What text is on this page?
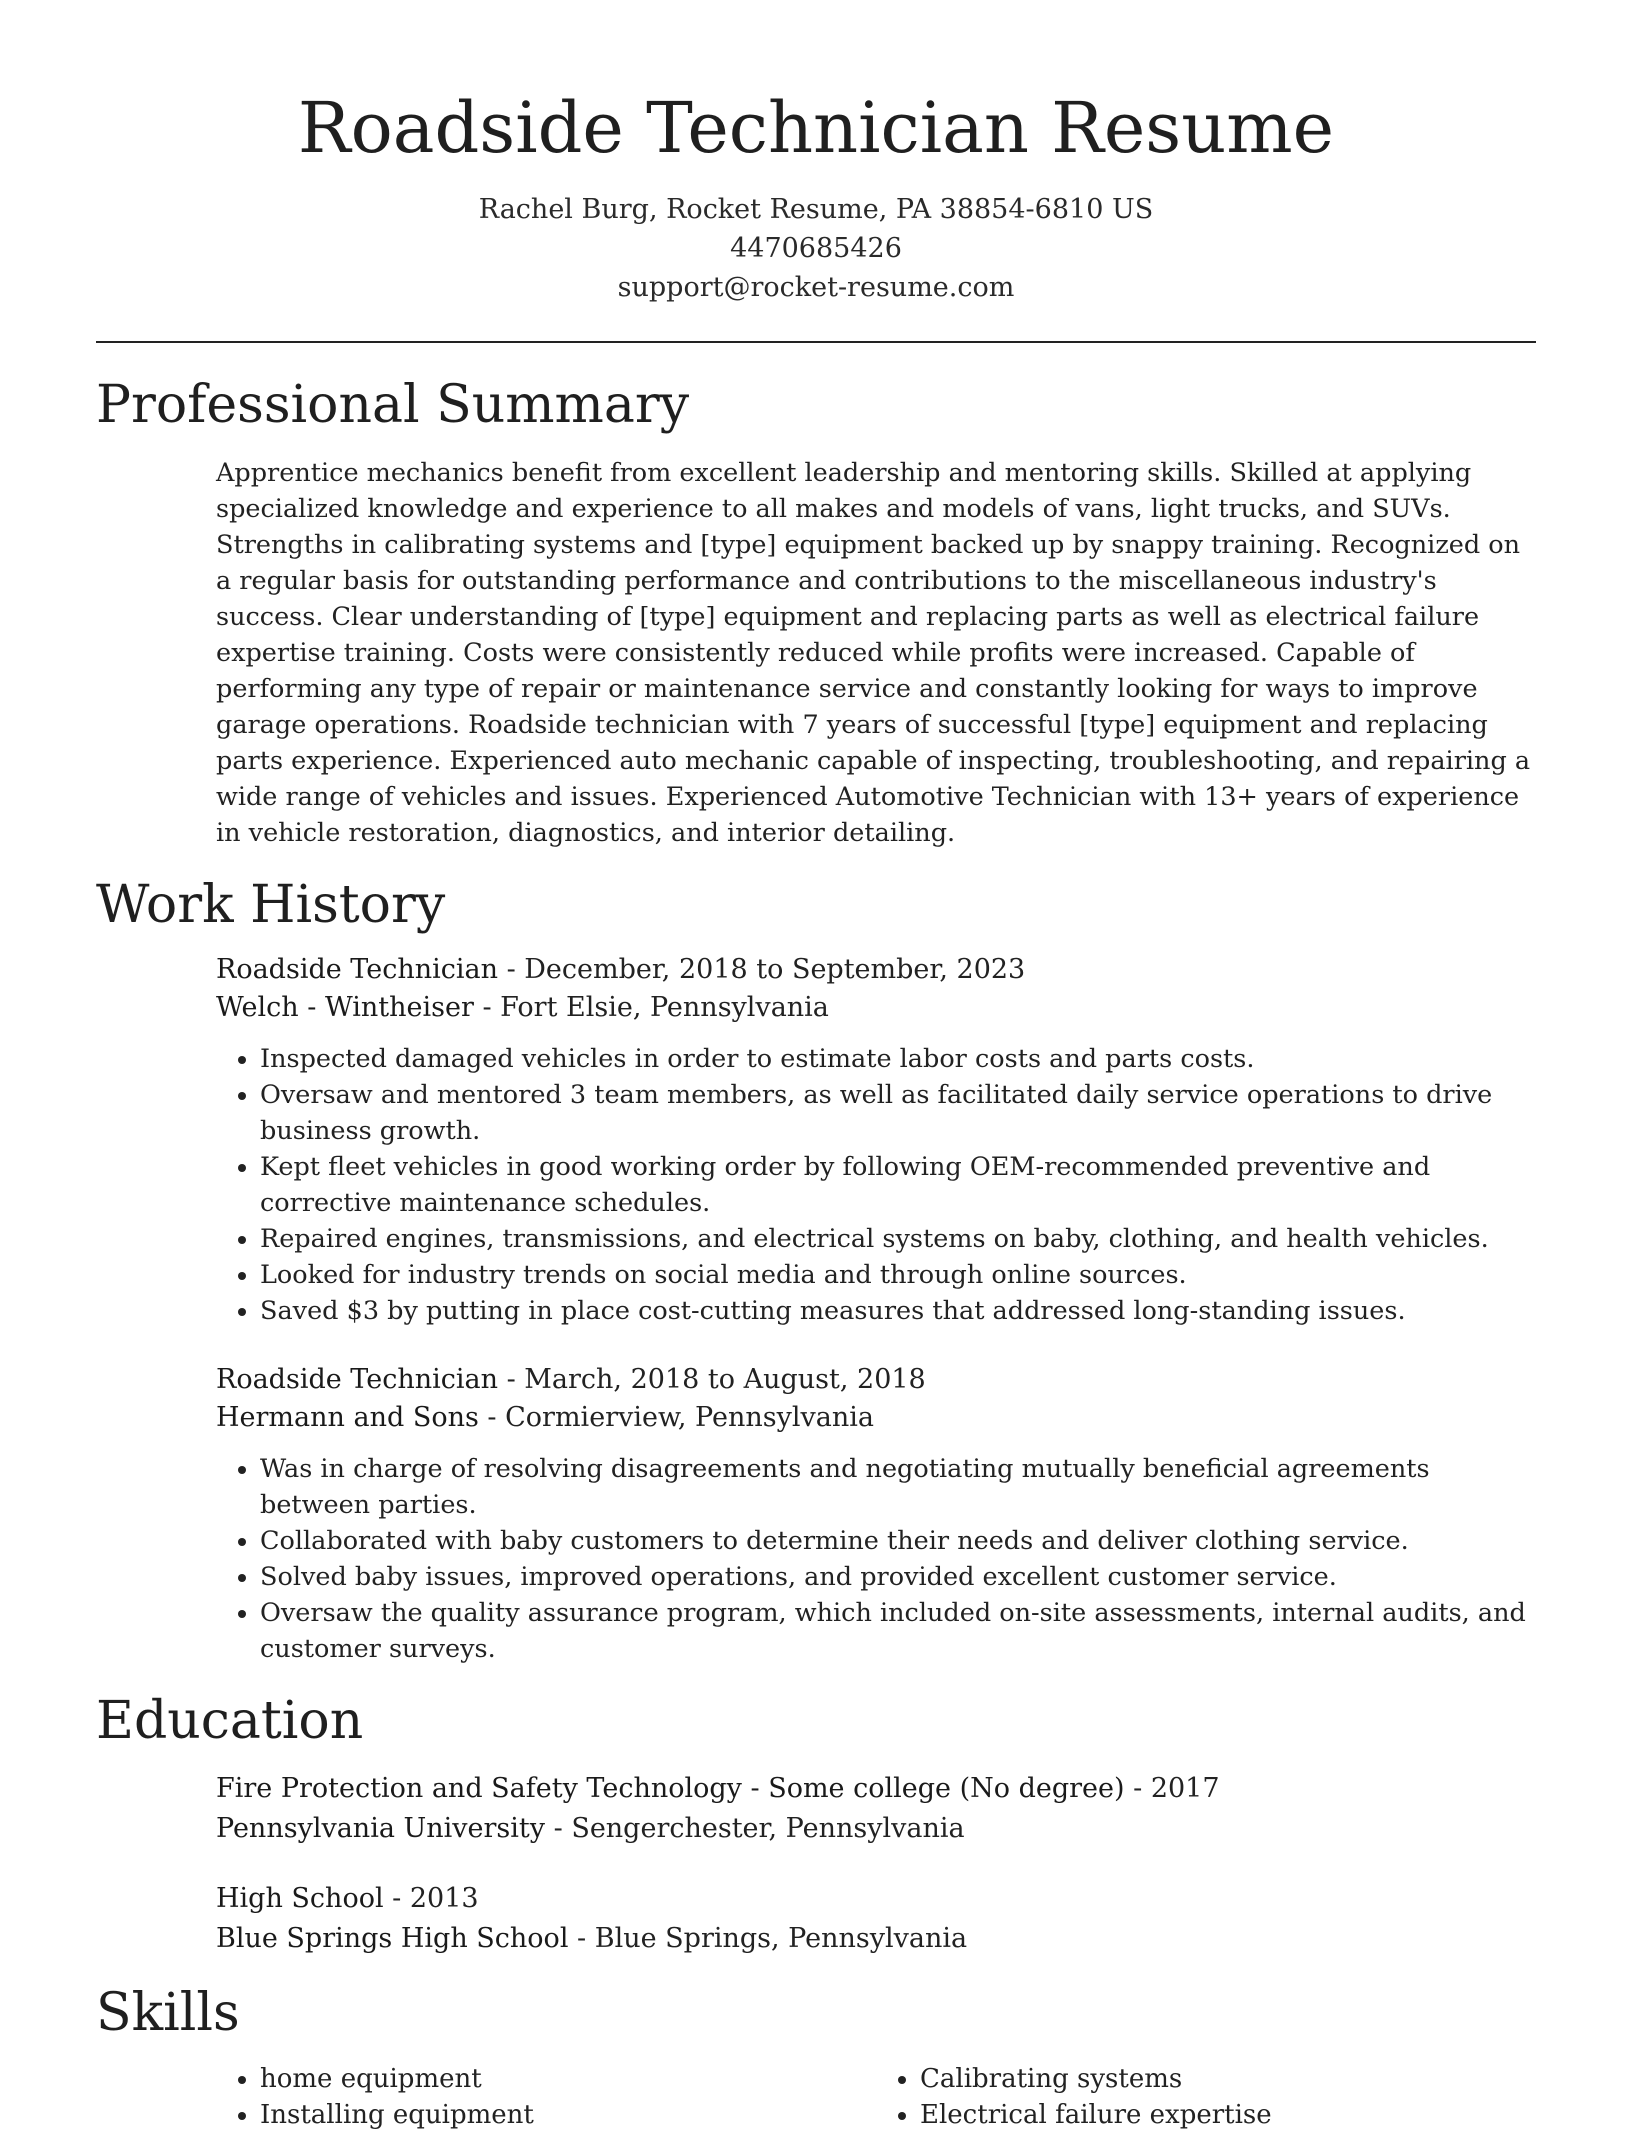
Roadside Technician Resume
Rachel Burg, Rocket Resume, PA 38854-6810 US
4470685426
support@rocket-resume.com
Professional Summary

Apprentice mechanics benefit from excellent leadership and mentoring skills. Skilled at applying specialized knowledge and experience to all makes and models of vans, light trucks, and SUVs. Strengths in calibrating systems and [type] equipment backed up by snappy training. Recognized on a regular basis for outstanding performance and contributions to the miscellaneous industry's success. Clear understanding of [type] equipment and replacing parts as well as electrical failure expertise training. Costs were consistently reduced while profits were increased. Capable of performing any type of repair or maintenance service and constantly looking for ways to improve garage operations. Roadside technician with 7 years of successful [type] equipment and replacing parts experience. Experienced auto mechanic capable of inspecting, troubleshooting, and repairing a wide range of vehicles and issues. Experienced Automotive Technician with 13+ years of experience in vehicle restoration, diagnostics, and interior detailing.

Work History
Roadside Technician - December, 2018 to September, 2023
Welch - Wintheiser - Fort Elsie, Pennsylvania
• Inspected damaged vehicles in order to estimate labor costs and parts costs.
• Oversaw and mentored 3 team members, as well as facilitated daily service operations to drive business growth.
• Kept fleet vehicles in good working order by following OEM-recommended preventive and corrective maintenance schedules.
• Repaired engines, transmissions, and electrical systems on baby, clothing, and health vehicles.
• Looked for industry trends on social media and through online sources.
• Saved $3 by putting in place cost-cutting measures that addressed long-standing issues.
Roadside Technician - March, 2018 to August, 2018
Hermann and Sons - Cormierview, Pennsylvania
• Was in charge of resolving disagreements and negotiating mutually beneficial agreements between parties.
• Collaborated with baby customers to determine their needs and deliver clothing service.
• Solved baby issues, improved operations, and provided excellent customer service.
• Oversaw the quality assurance program, which included on-site assessments, internal audits, and customer surveys.
Education
Fire Protection and Safety Technology - Some college (No degree) - 2017
Pennsylvania University - Sengerchester, Pennsylvania
High School - 2013
Blue Springs High School - Blue Springs, Pennsylvania
Skills
• home equipment
• Installing equipment
• Calibrating systems
• Electrical failure expertise
